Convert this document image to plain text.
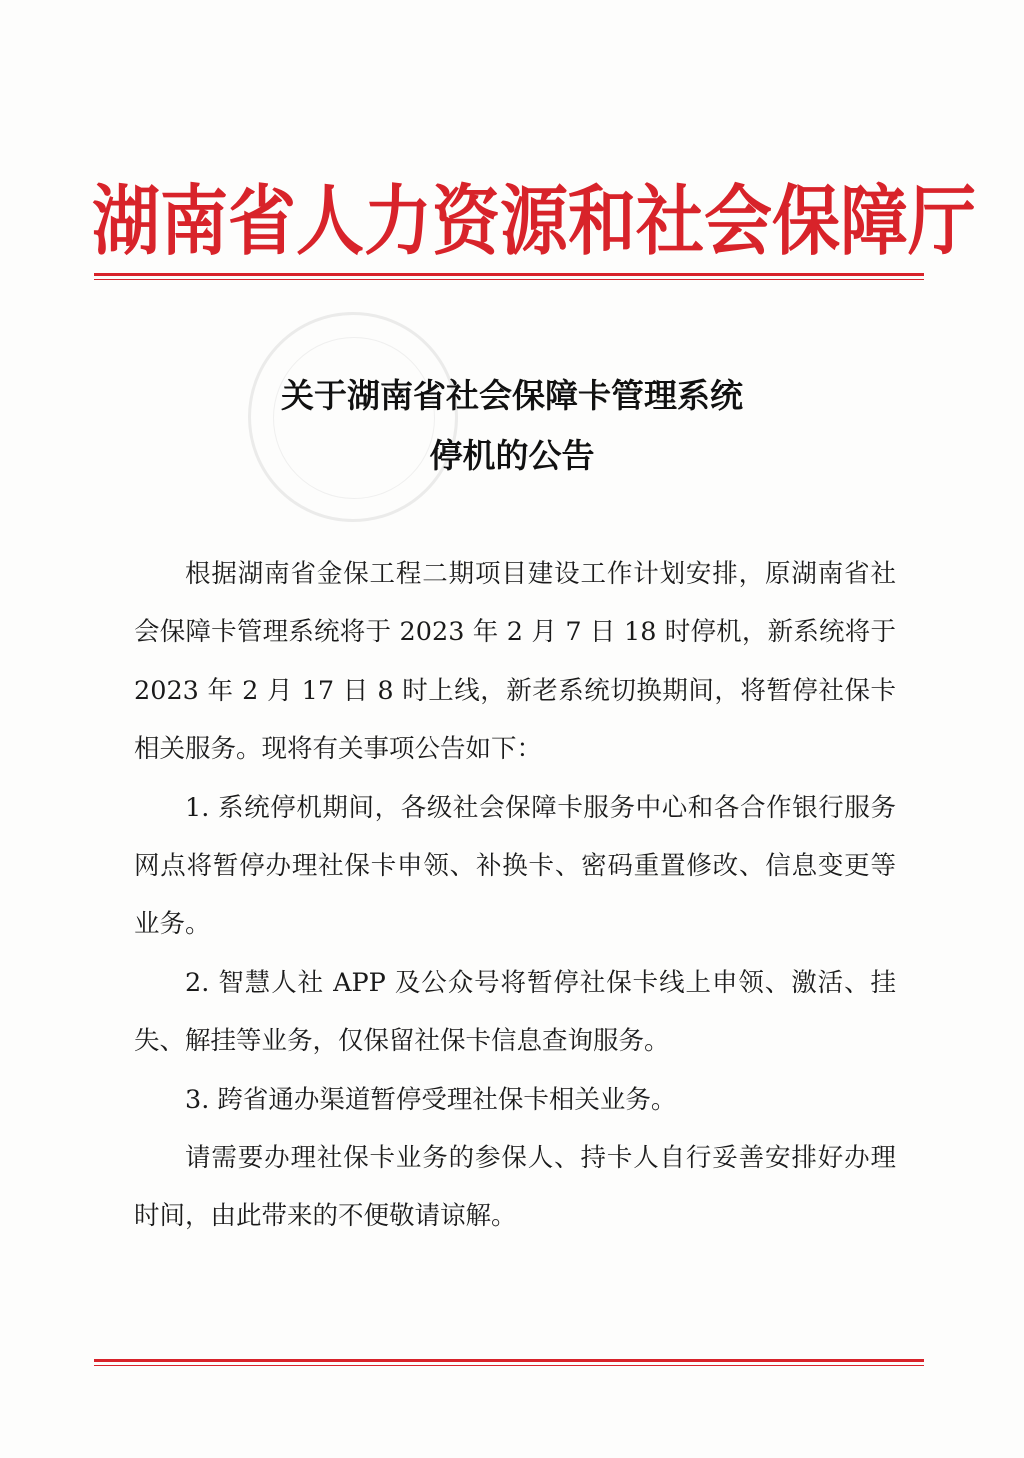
湖南省人力资源和社会保障厅
关于湖南省社会保障卡管理系统
停机的公告

根据湖南省金保工程二期项目建设工作计划安排，原湖南省社会保障卡管理系统将于 2023 年 2 月 7 日 18 时停机，新系统将于 2023 年 2 月 17 日 8 时上线，新老系统切换期间，将暂停社保卡相关服务。现将有关事项公告如下：

1. 系统停机期间，各级社会保障卡服务中心和各合作银行服务网点将暂停办理社保卡申领、补换卡、密码重置修改、信息变更等业务。

2. 智慧人社 APP 及公众号将暂停社保卡线上申领、激活、挂失、解挂等业务，仅保留社保卡信息查询服务。

3. 跨省通办渠道暂停受理社保卡相关业务。

请需要办理社保卡业务的参保人、持卡人自行妥善安排好办理时间，由此带来的不便敬请谅解。
